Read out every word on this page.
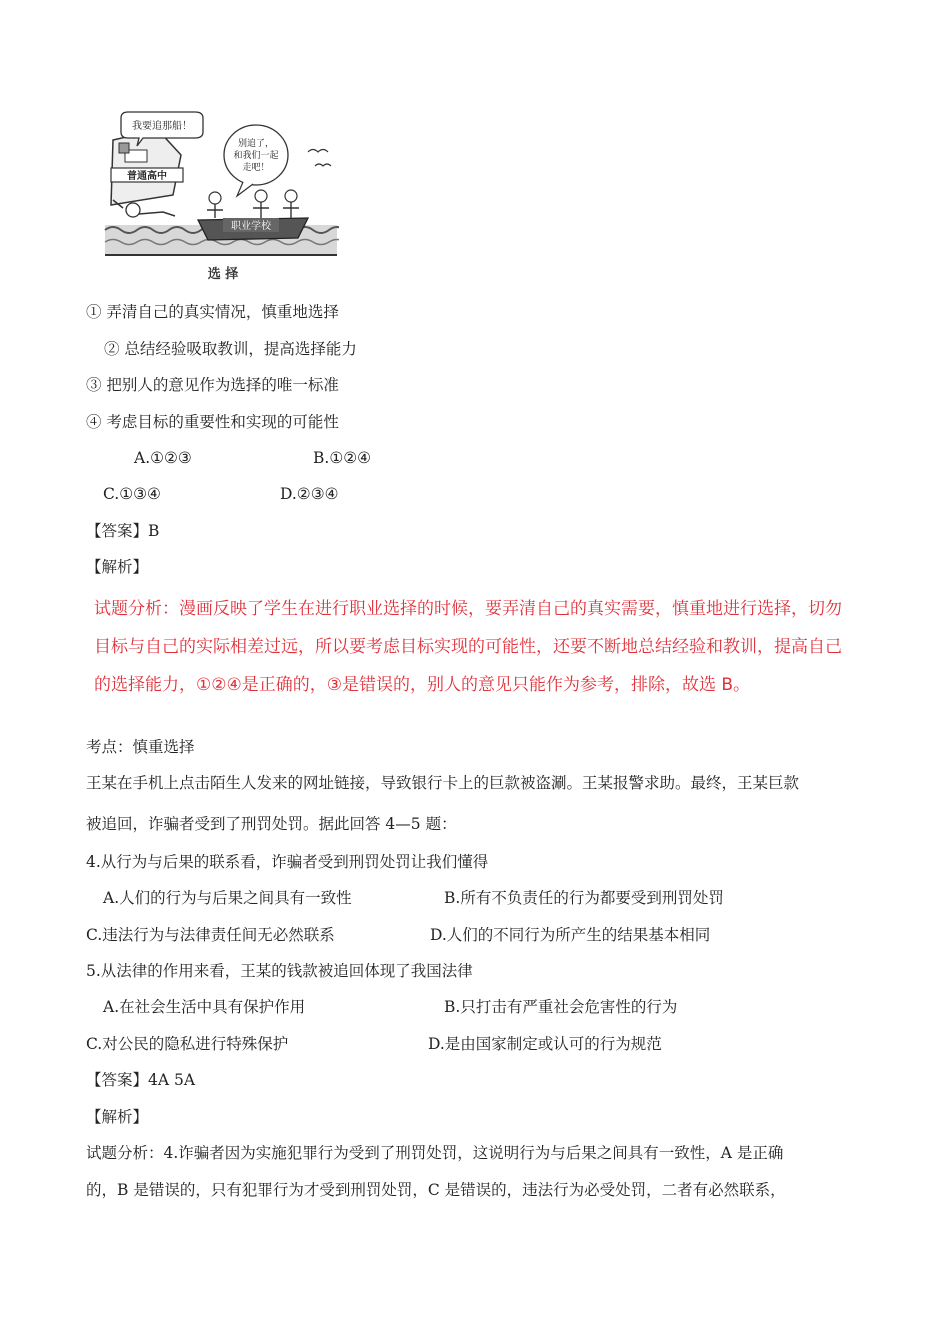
普通高中
我要追那船！
别追了，
和我们一起
走吧！
职业学校
选 择
① 弄清自己的真实情况，慎重地选择
② 总结经验吸取教训，提高选择能力
③ 把别人的意见作为选择的唯一标准
④ 考虑目标的重要性和实现的可能性
A.①②③	B.①②④
C.①③④	D.②③④
【答案】B
【解析】
试题分析：漫画反映了学生在进行职业选择的时候，要弄清自己的真实需要，慎重地进行选择，切勿
目标与自己的实际相差过远，所以要考虑目标实现的可能性，还要不断地总结经验和教训，提高自己
的选择能力，①②④是正确的，③是错误的，别人的意见只能作为参考，排除，故选 B。
考点：慎重选择
王某在手机上点击陌生人发来的网址链接，导致银行卡上的巨款被盗涮。王某报警求助。最终，王某巨款
被追回，诈骗者受到了刑罚处罚。据此回答 4—5 题：
4.从行为与后果的联系看，诈骗者受到刑罚处罚让我们懂得
A.人们的行为与后果之间具有一致性	B.所有不负责任的行为都要受到刑罚处罚
C.违法行为与法律责任间无必然联系	D.人们的不同行为所产生的结果基本相同
5.从法律的作用来看，王某的钱款被追回体现了我国法律
A.在社会生活中具有保护作用	B.只打击有严重社会危害性的行为
C.对公民的隐私进行特殊保护	D.是由国家制定或认可的行为规范
【答案】4A 5A
【解析】
试题分析：4.诈骗者因为实施犯罪行为受到了刑罚处罚，这说明行为与后果之间具有一致性，A 是正确
的，B 是错误的，只有犯罪行为才受到刑罚处罚，C 是错误的，违法行为必受处罚，二者有必然联系，
